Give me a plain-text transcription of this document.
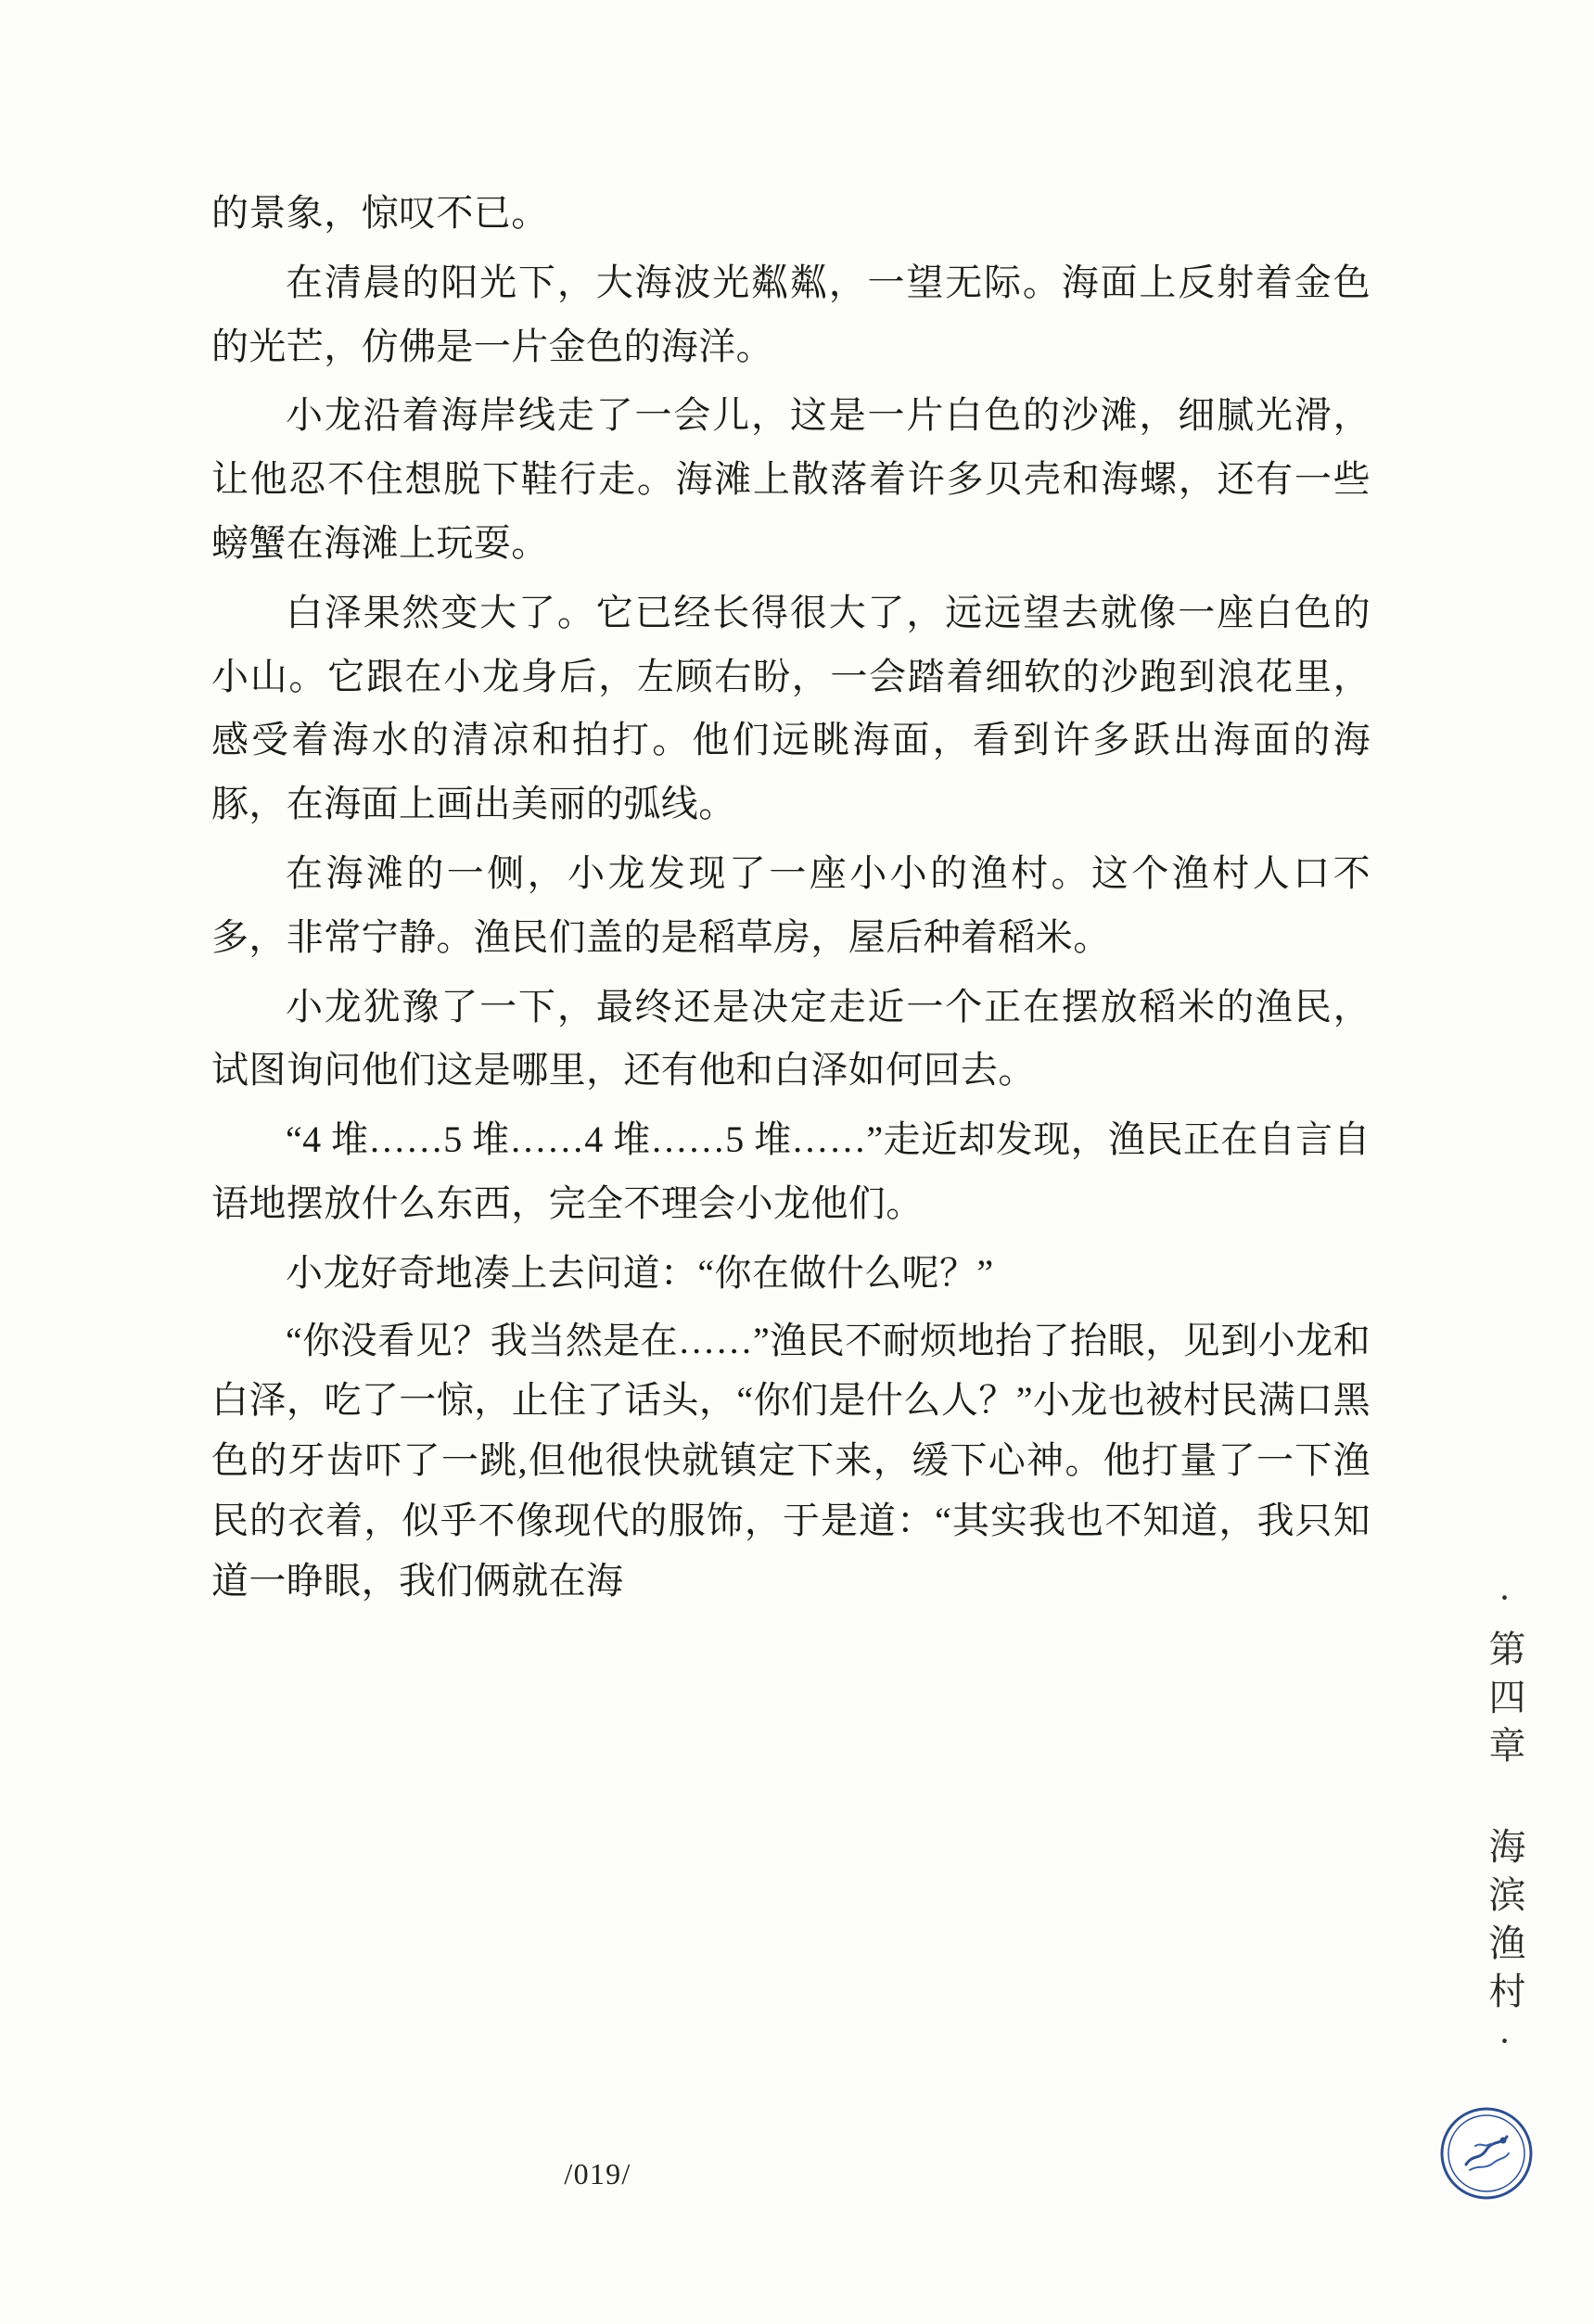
的景象，惊叹不已。

在清晨的阳光下，大海波光粼粼，一望无际。海面上反射着金色的光芒，仿佛是一片金色的海洋。

小龙沿着海岸线走了一会儿，这是一片白色的沙滩，细腻光滑，让他忍不住想脱下鞋行走。海滩上散落着许多贝壳和海螺，还有一些螃蟹在海滩上玩耍。

白泽果然变大了。它已经长得很大了，远远望去就像一座白色的小山。它跟在小龙身后，左顾右盼，一会踏着细软的沙跑到浪花里，感受着海水的清凉和拍打。他们远眺海面，看到许多跃出海面的海豚，在海面上画出美丽的弧线。

在海滩的一侧，小龙发现了一座小小的渔村。这个渔村人口不多，非常宁静。渔民们盖的是稻草房，屋后种着稻米。

小龙犹豫了一下，最终还是决定走近一个正在摆放稻米的渔民，试图询问他们这是哪里，还有他和白泽如何回去。

“4 堆……5 堆……4 堆……5 堆……”走近却发现，渔民正在自言自语地摆放什么东西，完全不理会小龙他们。

小龙好奇地凑上去问道：“你在做什么呢？”

“你没看见？我当然是在……”渔民不耐烦地抬了抬眼，见到小龙和白泽，吃了一惊，止住了话头，“你们是什么人？”小龙也被村民满口黑色的牙齿吓了一跳,但他很快就镇定下来，缓下心神。他打量了一下渔民的衣着，似乎不像现代的服饰，于是道：“其实我也不知道，我只知道一睁眼，我们俩就在海	·第四章 海滨渔村·
/019/
